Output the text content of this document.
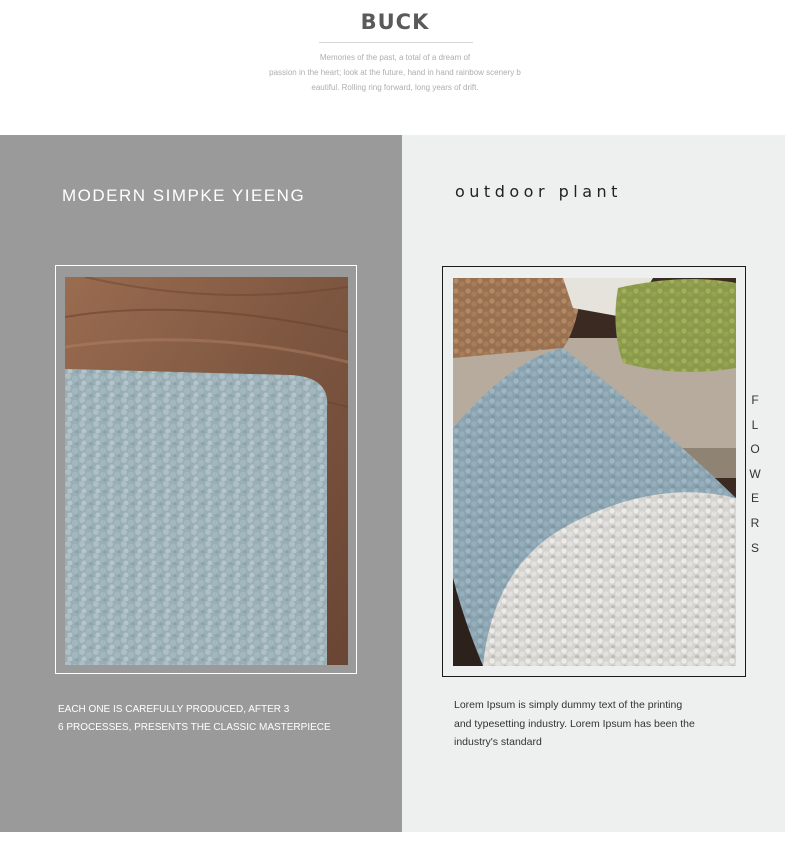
BUCK
Memories of the past, a total of a dream of
passion in the heart; look at the future, hand in hand rainbow scenery b
eautiful. Rolling ring forward, long years of drift.
MODERN SIMPKE YIEENG
EACH ONE IS CAREFULLY PRODUCED, AFTER 3
6 PROCESSES, PRESENTS THE CLASSIC MASTERPIECE
outdoor plant
F
L
O
W
E
R
S
Lorem Ipsum is simply dummy text of the printing
and typesetting industry. Lorem Ipsum has been the
industry's standard
